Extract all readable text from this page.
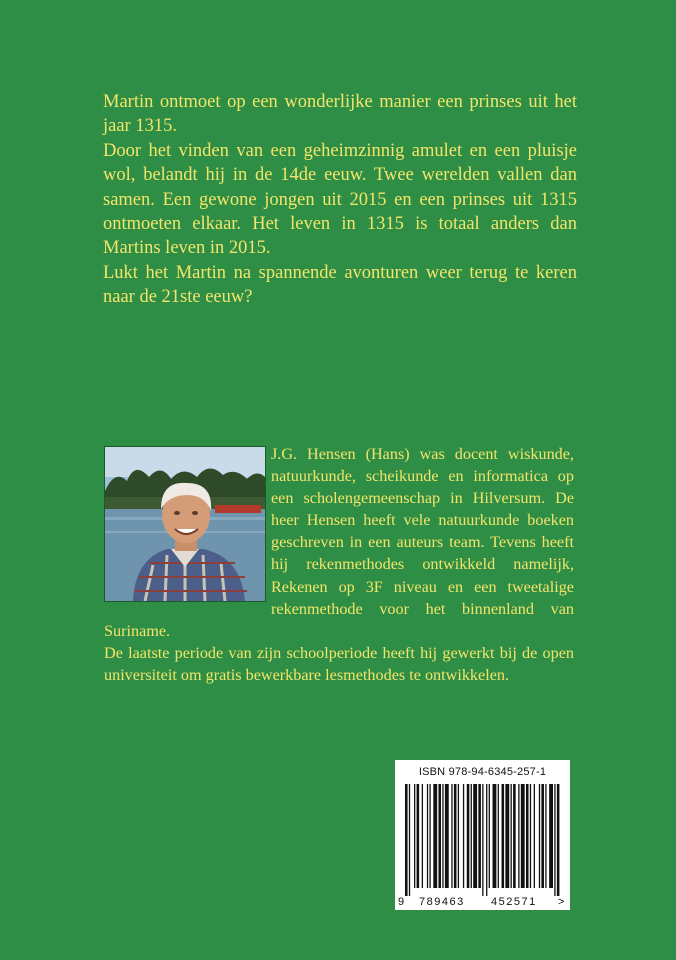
Martin ontmoet op een wonderlijke manier een prinses uit het jaar 1315.

Door het vinden van een geheimzinnig amulet en een pluisje wol, belandt hij in de 14de eeuw. Twee werelden vallen dan samen. Een gewone jongen uit 2015 en een prinses uit 1315 ontmoeten elkaar. Het leven in 1315 is totaal anders dan Martins leven in 2015.

Lukt het Martin na spannende avonturen weer terug te keren naar de 21ste eeuw?

J.G. Hensen (Hans) was docent wiskunde, natuurkunde, scheikunde en informatica op een scholengemeenschap in Hilversum. De heer Hensen heeft vele natuurkunde boeken geschreven in een auteurs team. Tevens heeft hij rekenmethodes ontwikkeld namelijk, Rekenen op 3F niveau en een tweetalige rekenmethode voor het binnenland van Suriname.

De laatste periode van zijn schoolperiode heeft hij gewerkt bij de open universiteit om gratis bewerkbare lesmethodes te ontwikkelen.

ISBN 978-94-6345-257-1
9 789463 452571 >
